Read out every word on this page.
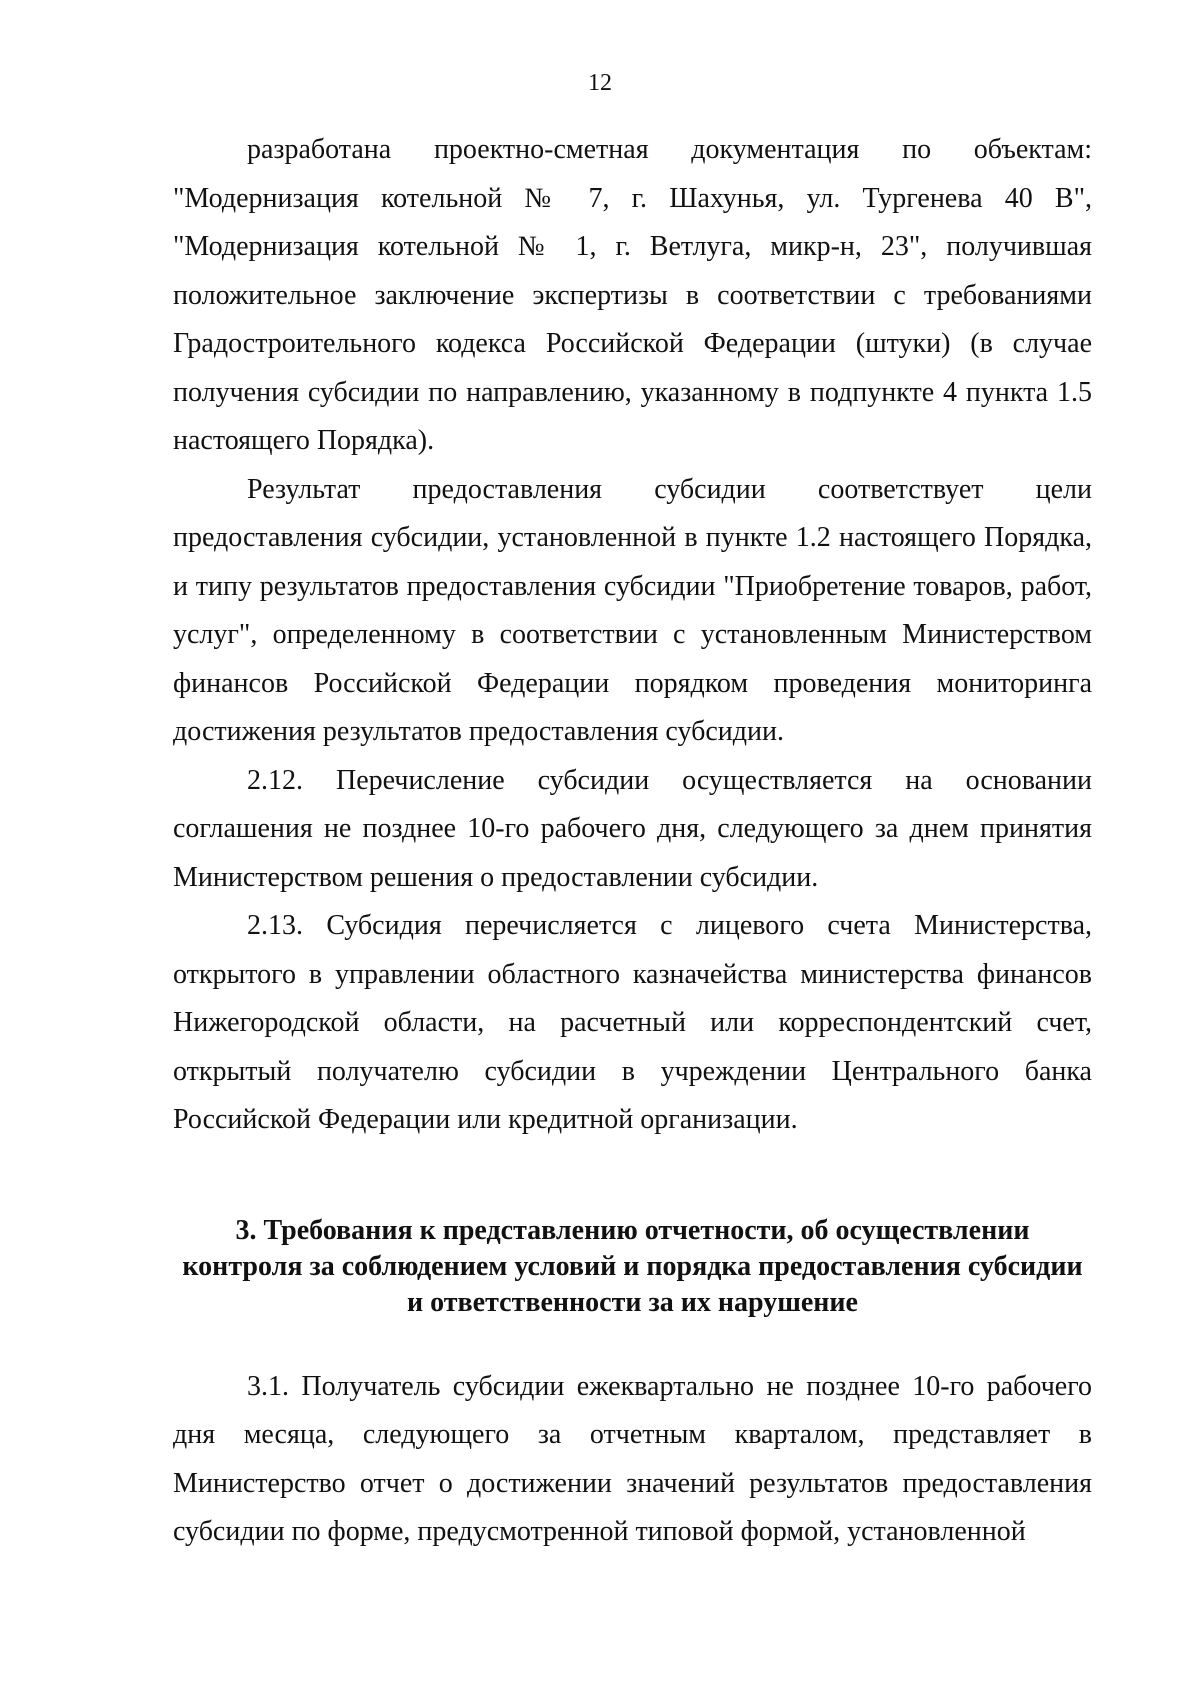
12

разработана проектно-сметная документация по объектам: "Модернизация котельной № 7, г. Шахунья, ул. Тургенева 40 В", "Модернизация котельной № 1, г. Ветлуга, микр-н, 23", получившая положительное заключение экспертизы в соответствии с требованиями Градостроительного кодекса Российской Федерации (штуки) (в случае получения субсидии по направлению, указанному в подпункте 4 пункта 1.5 настоящего Порядка).

Результат предоставления субсидии соответствует цели предоставления субсидии, установленной в пункте 1.2 настоящего Порядка, и типу результатов предоставления субсидии "Приобретение товаров, работ, услуг", определенному в соответствии с установленным Министерством финансов Российской Федерации порядком проведения мониторинга достижения результатов предоставления субсидии.

2.12. Перечисление субсидии осуществляется на основании соглашения не позднее 10-го рабочего дня, следующего за днем принятия Министерством решения о предоставлении субсидии.

2.13. Субсидия перечисляется с лицевого счета Министерства, открытого в управлении областного казначейства министерства финансов Нижегородской области, на расчетный или корреспондентский счет, открытый получателю субсидии в учреждении Центрального банка Российской Федерации или кредитной организации.

3. Требования к представлению отчетности, об осуществлении
контроля за соблюдением условий и порядка предоставления субсидии
и ответственности за их нарушение

3.1. Получатель субсидии ежеквартально не позднее 10-го рабочего дня месяца, следующего за отчетным кварталом, представляет в Министерство отчет о достижении значений результатов предоставления субсидии по форме, предусмотренной типовой формой, установленной
